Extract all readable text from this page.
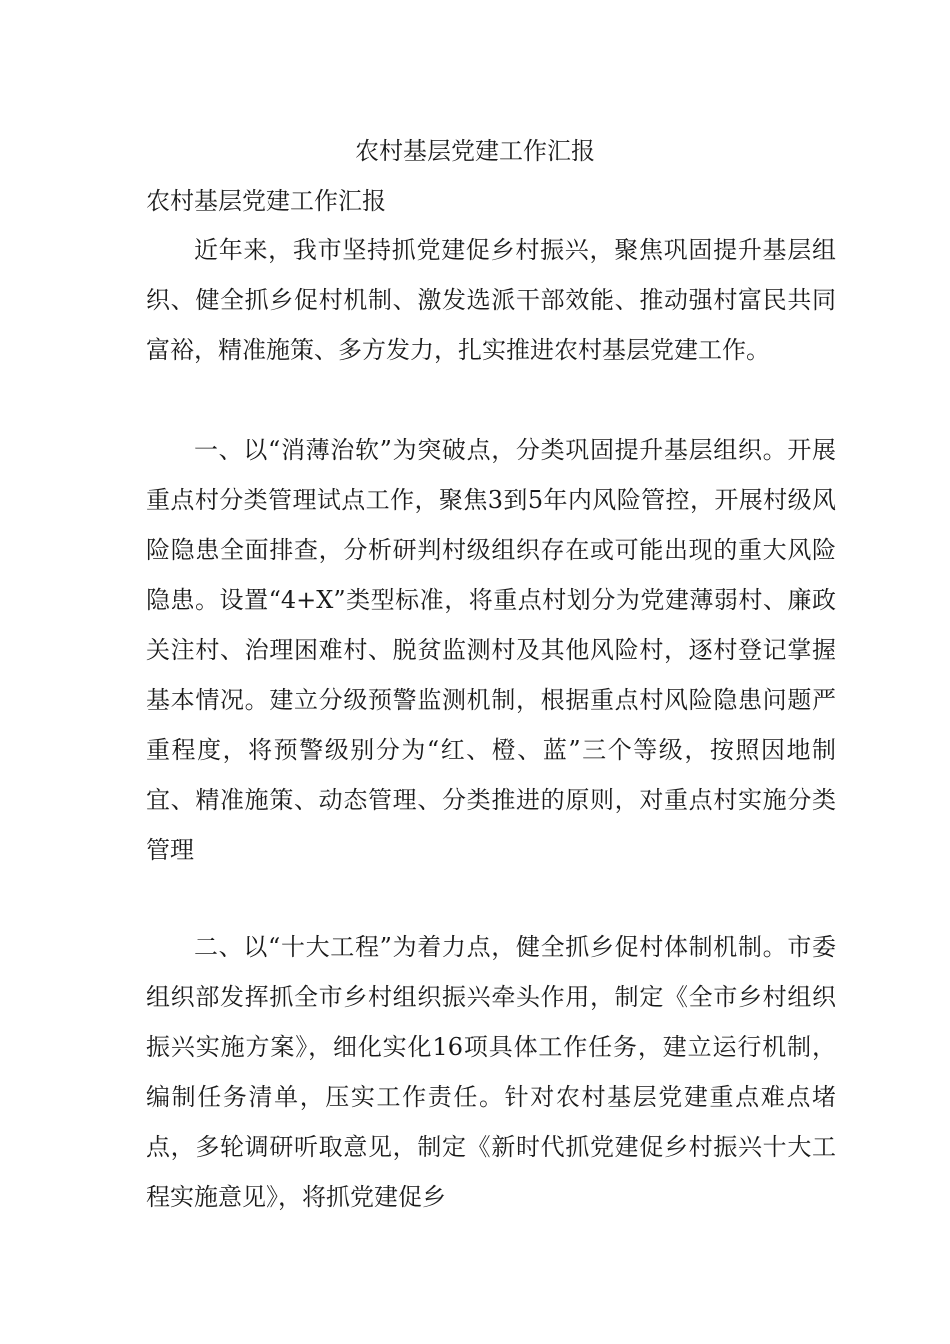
农村基层党建工作汇报

农村基层党建工作汇报

近年来，我市坚持抓党建促乡村振兴，聚焦巩固提升基层组织、健全抓乡促村机制、激发选派干部效能、推动强村富民共同富裕，精准施策、多方发力，扎实推进农村基层党建工作。

一、以“消薄治软”为突破点，分类巩固提升基层组织。开展重点村分类管理试点工作，聚焦3到5年内风险管控，开展村级风险隐患全面排查，分析研判村级组织存在或可能出现的重大风险隐患。设置“4+X”类型标准，将重点村划分为党建薄弱村、廉政关注村、治理困难村、脱贫监测村及其他风险村，逐村登记掌握基本情况。建立分级预警监测机制，根据重点村风险隐患问题严重程度，将预警级别分为“红、橙、蓝”三个等级，按照因地制宜、精准施策、动态管理、分类推进的原则，对重点村实施分类管理

二、以“十大工程”为着力点，健全抓乡促村体制机制。市委组织部发挥抓全市乡村组织振兴牵头作用，制定《全市乡村组织振兴实施方案》，细化实化16项具体工作任务，建立运行机制，编制任务清单，压实工作责任。针对农村基层党建重点难点堵点，多轮调研听取意见，制定《新时代抓党建促乡村振兴十大工程实施意见》，将抓党建促乡
